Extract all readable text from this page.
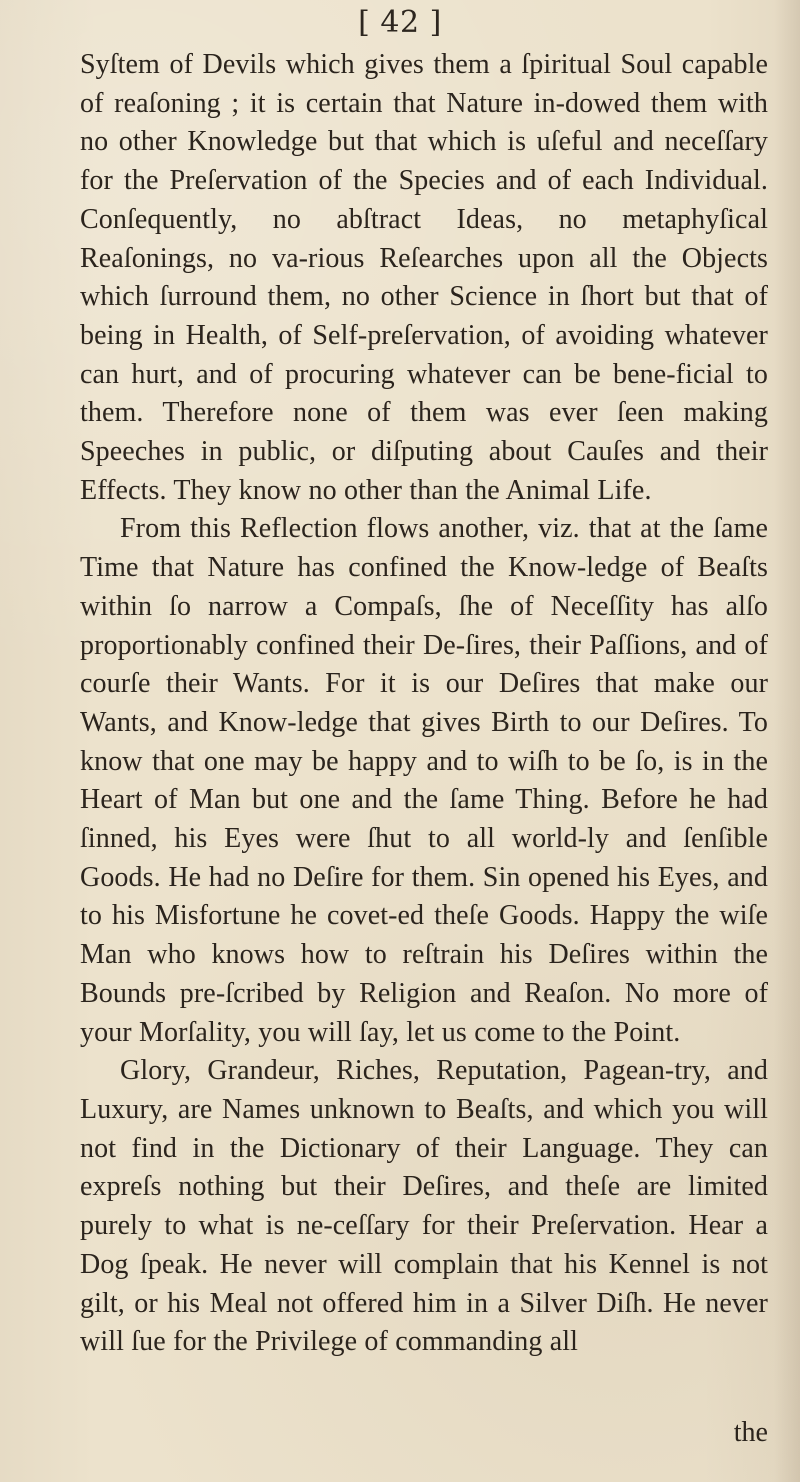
[ 42 ]

Syſtem of Devils which gives them a ſpiritual Soul capable of reaſoning ; it is certain that Nature in-dowed them with no other Knowledge but that which is uſeful and neceſſary for the Preſervation of the Species and of each Individual. Conſequently, no abſtract Ideas, no metaphyſical Reaſonings, no va-rious Reſearches upon all the Objects which ſurround them, no other Science in ſhort but that of being in Health, of Self-preſervation, of avoiding whatever can hurt, and of procuring whatever can be bene-ficial to them. Therefore none of them was ever ſeen making Speeches in public, or diſputing about Cauſes and their Effects. They know no other than the Animal Life.

From this Reflection flows another, viz. that at the ſame Time that Nature has confined the Know-ledge of Beaſts within ſo narrow a Compaſs, ſhe of Neceſſity has alſo proportionably confined their De-ſires, their Paſſions, and of courſe their Wants. For it is our Deſires that make our Wants, and Know-ledge that gives Birth to our Deſires. To know that one may be happy and to wiſh to be ſo, is in the Heart of Man but one and the ſame Thing. Before he had ſinned, his Eyes were ſhut to all world-ly and ſenſible Goods. He had no Deſire for them. Sin opened his Eyes, and to his Misfortune he covet-ed theſe Goods. Happy the wiſe Man who knows how to reſtrain his Deſires within the Bounds pre-ſcribed by Religion and Reaſon. No more of your Morſality, you will ſay, let us come to the Point.

Glory, Grandeur, Riches, Reputation, Pagean-try, and Luxury, are Names unknown to Beaſts, and which you will not find in the Dictionary of their Language. They can expreſs nothing but their Deſires, and theſe are limited purely to what is ne-ceſſary for their Preſervation. Hear a Dog ſpeak. He never will complain that his Kennel is not gilt, or his Meal not offered him in a Silver Diſh. He never will ſue for the Privilege of commanding all

the
